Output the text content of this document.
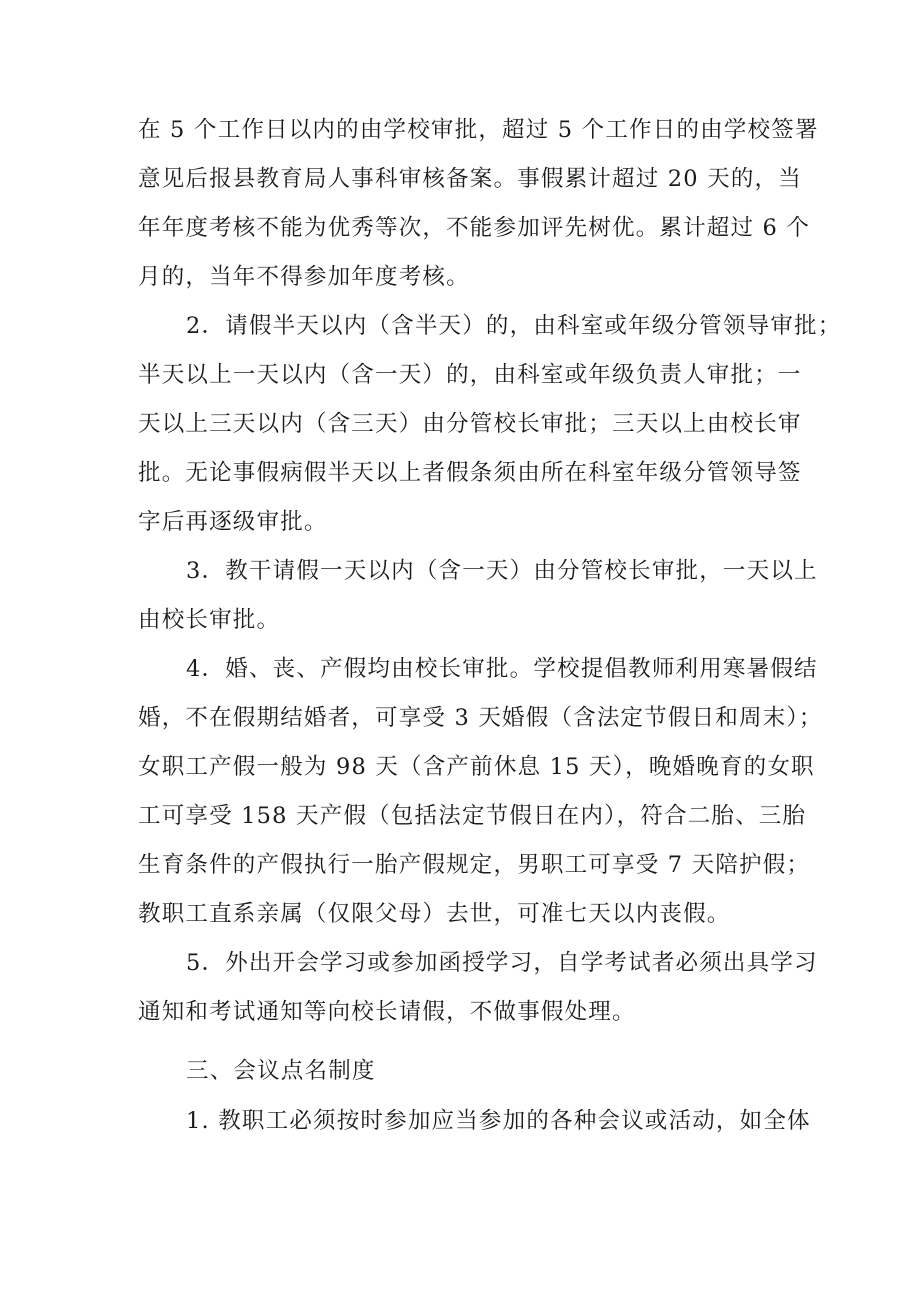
在 5 个工作日以内的由学校审批，超过 5 个工作日的由学校签署
意见后报县教育局人事科审核备案。事假累计超过 20 天的，当
年年度考核不能为优秀等次，不能参加评先树优。累计超过 6 个
月的，当年不得参加年度考核。
2．请假半天以内（含半天）的，由科室或年级分管领导审批；
半天以上一天以内（含一天）的，由科室或年级负责人审批；一
天以上三天以内（含三天）由分管校长审批；三天以上由校长审
批。无论事假病假半天以上者假条须由所在科室年级分管领导签
字后再逐级审批。
3．教干请假一天以内（含一天）由分管校长审批，一天以上
由校长审批。
4．婚、丧、产假均由校长审批。学校提倡教师利用寒暑假结
婚，不在假期结婚者，可享受 3 天婚假（含法定节假日和周末）；
女职工产假一般为 98 天（含产前休息 15 天），晚婚晚育的女职
工可享受 158 天产假（包括法定节假日在内），符合二胎、三胎
生育条件的产假执行一胎产假规定，男职工可享受 7 天陪护假；
教职工直系亲属（仅限父母）去世，可准七天以内丧假。
5．外出开会学习或参加函授学习，自学考试者必须出具学习
通知和考试通知等向校长请假，不做事假处理。
三、会议点名制度
1. 教职工必须按时参加应当参加的各种会议或活动，如全体
